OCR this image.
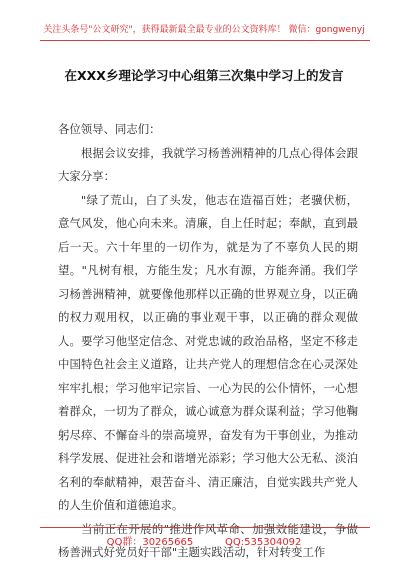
关注头条号"公文研究"，获得最新最全最专业的公文资料库！ 微信：gongwenyj
在XXX乡理论学习中心组第三次集中学习上的发言

各位领导、同志们：

根据会议安排，我就学习杨善洲精神的几点心得体会跟大家分享：

"绿了荒山，白了头发，他志在造福百姓；老骥伏枥，意气风发，他心向未来。清廉，自上任时起；奉献，直到最后一天。六十年里的一切作为，就是为了不辜负人民的期望。"凡树有根，方能生发；凡水有源，方能奔涌。我们学习杨善洲精神，就要像他那样以正确的世界观立身，以正确的权力观用权，以正确的事业观干事，以正确的群众观做人。要学习他坚定信念、对党忠诚的政治品格，坚定不移走中国特色社会主义道路，让共产党人的理想信念在心灵深处牢牢扎根；学习他牢记宗旨、一心为民的公仆情怀，一心想着群众，一切为了群众，诚心诚意为群众谋利益；学习他鞠躬尽瘁、不懈奋斗的崇高境界，奋发有为干事创业，为推动科学发展、促进社会和谐增光添彩；学习他大公无私、淡泊名利的奉献精神，艰苦奋斗、清正廉洁，自觉实践共产党人的人生价值和道德追求。

当前正在开展的"推进作风革命、加强效能建设，争做杨善洲式好党员好干部"主题实践活动，针对转变工作

QQ群：30265665	QQ:535304092
